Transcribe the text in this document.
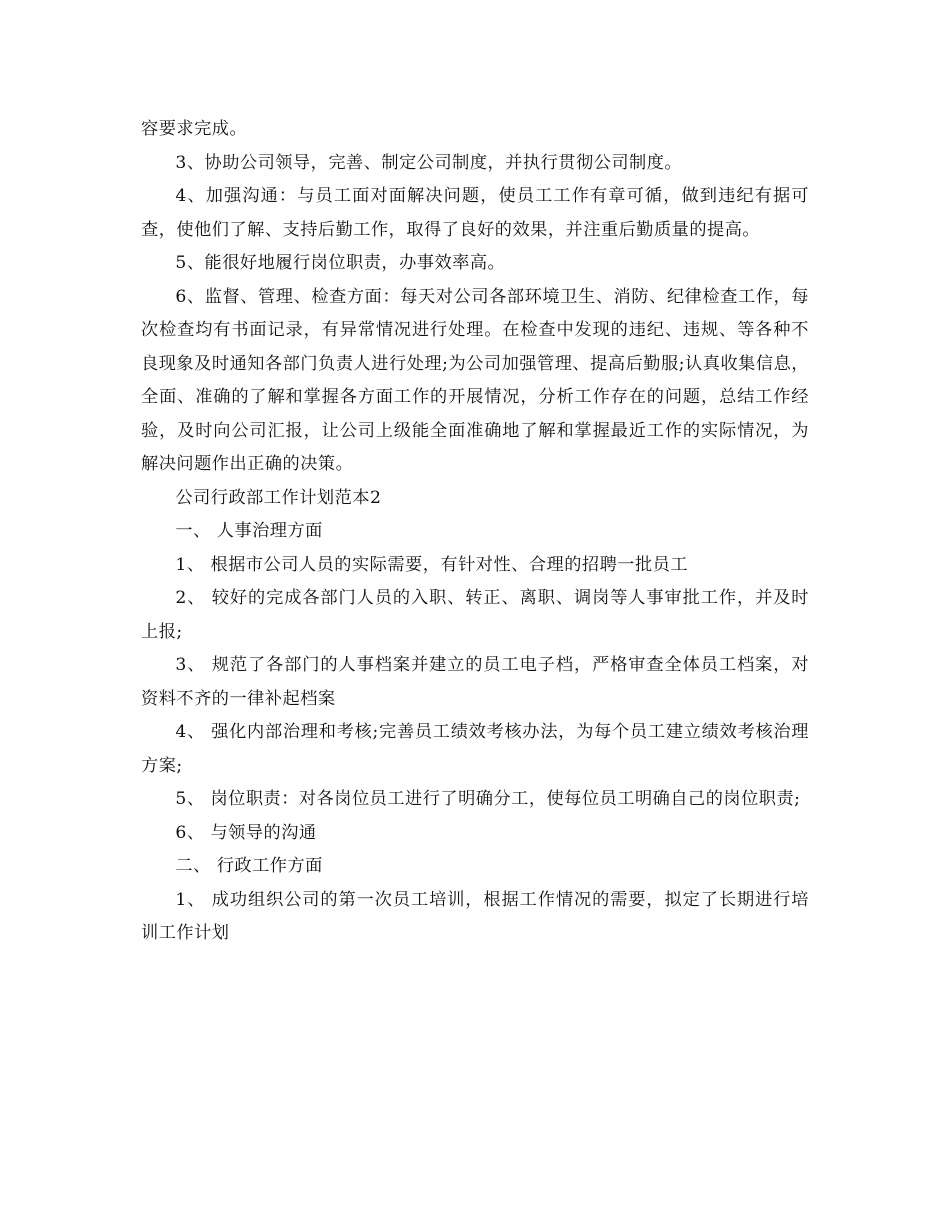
容要求完成。

3、协助公司领导，完善、制定公司制度，并执行贯彻公司制度。

4、加强沟通：与员工面对面解决问题，使员工工作有章可循，做到违纪有据可查，使他们了解、支持后勤工作，取得了良好的效果，并注重后勤质量的提高。

5、能很好地履行岗位职责，办事效率高。

6、监督、管理、检查方面：每天对公司各部环境卫生、消防、纪律检查工作，每次检查均有书面记录，有异常情况进行处理。在检查中发现的违纪、违规、等各种不良现象及时通知各部门负责人进行处理;为公司加强管理、提高后勤服;认真收集信息，全面、准确的了解和掌握各方面工作的开展情况，分析工作存在的问题，总结工作经验，及时向公司汇报，让公司上级能全面准确地了解和掌握最近工作的实际情况，为解决问题作出正确的决策。

公司行政部工作计划范本2

一、 人事治理方面

1、 根据市公司人员的实际需要，有针对性、合理的招聘一批员工

2、 较好的完成各部门人员的入职、转正、离职、调岗等人事审批工作，并及时上报;

3、 规范了各部门的人事档案并建立的员工电子档，严格审查全体员工档案，对资料不齐的一律补起档案

4、 强化内部治理和考核;完善员工绩效考核办法，为每个员工建立绩效考核治理方案;

5、 岗位职责：对各岗位员工进行了明确分工，使每位员工明确自己的岗位职责;

6、 与领导的沟通

二、 行政工作方面

1、 成功组织公司的第一次员工培训，根据工作情况的需要，拟定了长期进行培训工作计划
